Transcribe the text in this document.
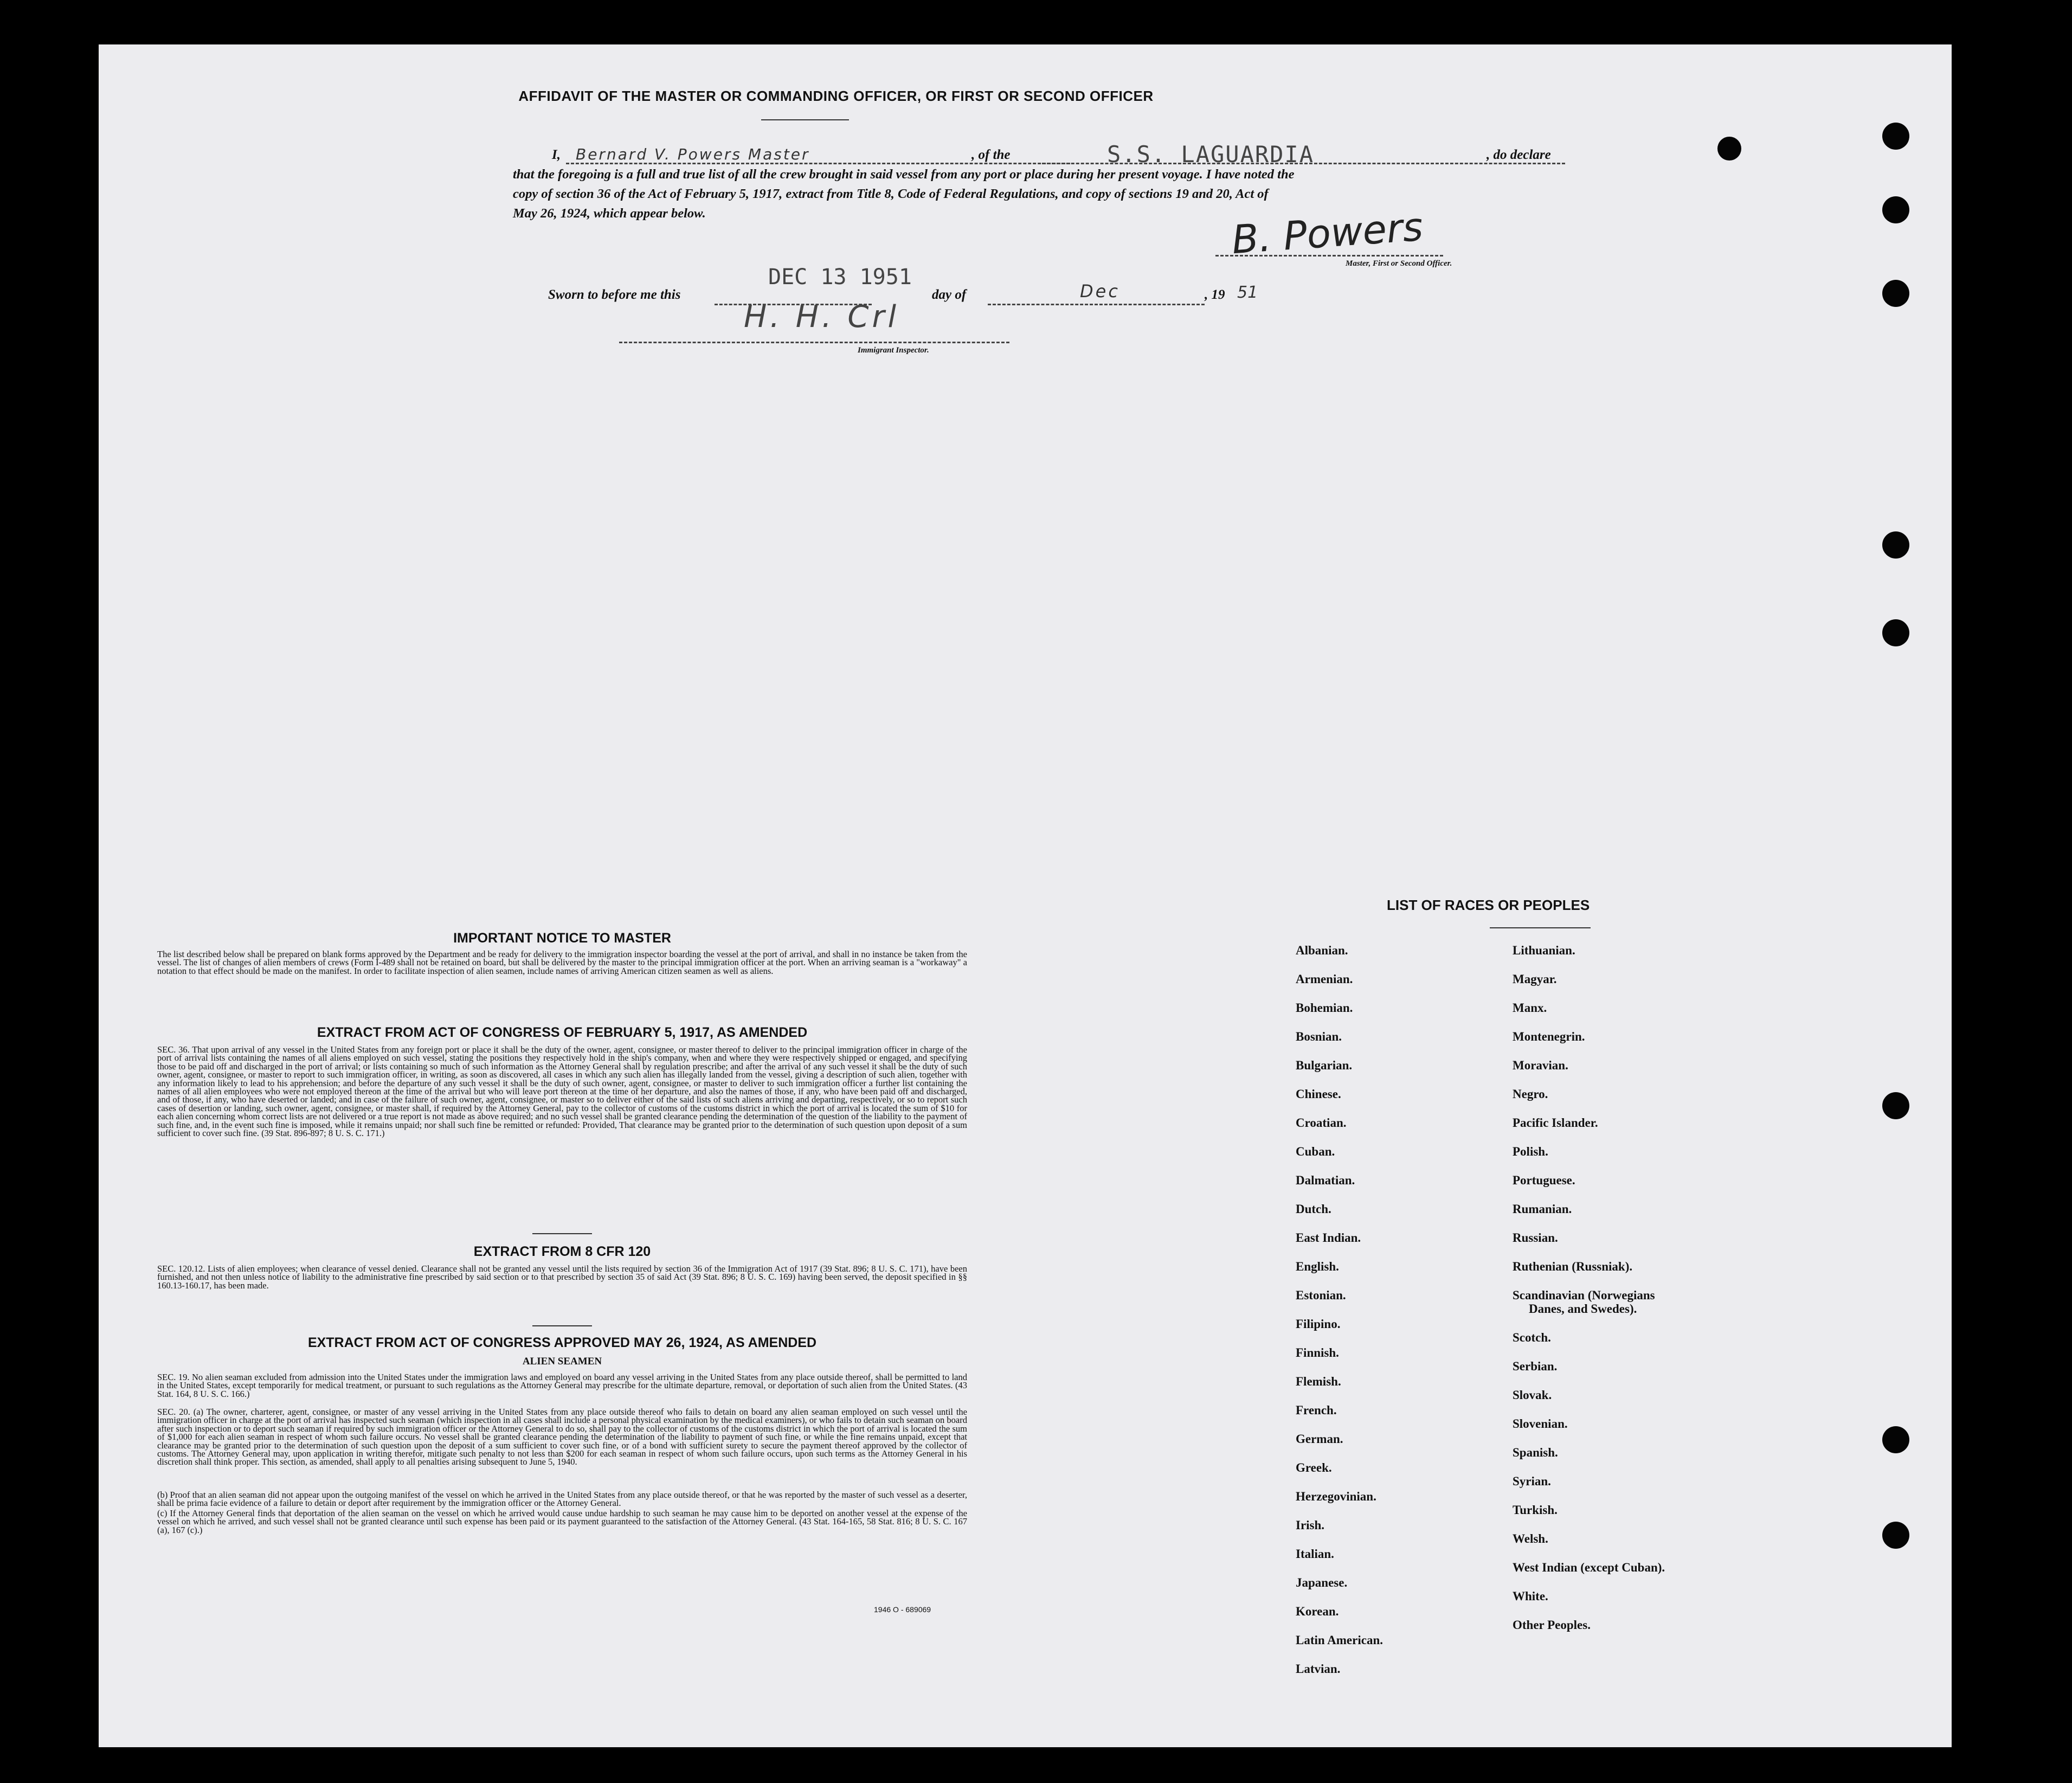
AFFIDAVIT OF THE MASTER OR COMMANDING OFFICER, OR FIRST OR SECOND OFFICER
I, Bernard V. Powers Master	, of the	S.S. LAGUARDIA	, do declare
that the foregoing is a full and true list of all the crew brought in said vessel from any port or place during her present voyage. I have noted the
copy of section 36 of the Act of February 5, 1917, extract from Title 8, Code of Federal Regulations, and copy of sections 19 and 20, Act of
May 26, 1924, which appear below.	B. Powers
Master, First or Second Officer.
Sworn to before me this
DEC 13 1951
day of	Dec	, 19 51
H. H. Crl
Immigrant Inspector.
IMPORTANT NOTICE TO MASTER
The list described below shall be prepared on blank forms approved by the Department and be ready for delivery to the immigration inspector boarding the vessel at the port of arrival, and shall in no instance be taken from the vessel. The list of changes of alien members of crews (Form I-489 shall not be retained on board, but shall be delivered by the master to the principal immigration officer at the port. When an arriving seaman is a "workaway" a notation to that effect should be made on the manifest. In order to facilitate inspection of alien seamen, include names of arriving American citizen seamen as well as aliens.
EXTRACT FROM ACT OF CONGRESS OF FEBRUARY 5, 1917, AS AMENDED
SEC. 36. That upon arrival of any vessel in the United States from any foreign port or place it shall be the duty of the owner, agent, consignee, or master thereof to deliver to the principal immigration officer in charge of the port of arrival lists containing the names of all aliens employed on such vessel, stating the positions they respectively hold in the ship's company, when and where they were respectively shipped or engaged, and specifying those to be paid off and discharged in the port of arrival; or lists containing so much of such information as the Attorney General shall by regulation prescribe; and after the arrival of any such vessel it shall be the duty of such owner, agent, consignee, or master to report to such immigration officer, in writing, as soon as discovered, all cases in which any such alien has illegally landed from the vessel, giving a description of such alien, together with any information likely to lead to his apprehension; and before the departure of any such vessel it shall be the duty of such owner, agent, consignee, or master to deliver to such immigration officer a further list containing the names of all alien employees who were not employed thereon at the time of the arrival but who will leave port thereon at the time of her departure, and also the names of those, if any, who have been paid off and discharged, and of those, if any, who have deserted or landed; and in case of the failure of such owner, agent, consignee, or master so to deliver either of the said lists of such aliens arriving and departing, respectively, or so to report such cases of desertion or landing, such owner, agent, consignee, or master shall, if required by the Attorney General, pay to the collector of customs of the customs district in which the port of arrival is located the sum of $10 for each alien concerning whom correct lists are not delivered or a true report is not made as above required; and no such vessel shall be granted clearance pending the determination of the question of the liability to the payment of such fine, and, in the event such fine is imposed, while it remains unpaid; nor shall such fine be remitted or refunded: Provided, That clearance may be granted prior to the determination of such question upon deposit of a sum sufficient to cover such fine. (39 Stat. 896-897; 8 U. S. C. 171.)
EXTRACT FROM 8 CFR 120
SEC. 120.12. Lists of alien employees; when clearance of vessel denied. Clearance shall not be granted any vessel until the lists required by section 36 of the Immigration Act of 1917 (39 Stat. 896; 8 U. S. C. 171), have been furnished, and not then unless notice of liability to the administrative fine prescribed by said section or to that prescribed by section 35 of said Act (39 Stat. 896; 8 U. S. C. 169) having been served, the deposit specified in §§ 160.13-160.17, has been made.
EXTRACT FROM ACT OF CONGRESS APPROVED MAY 26, 1924, AS AMENDED
ALIEN SEAMEN
SEC. 19. No alien seaman excluded from admission into the United States under the immigration laws and employed on board any vessel arriving in the United States from any place outside thereof, shall be permitted to land in the United States, except temporarily for medical treatment, or pursuant to such regulations as the Attorney General may prescribe for the ultimate departure, removal, or deportation of such alien from the United States. (43 Stat. 164, 8 U. S. C. 166.)
SEC. 20. (a) The owner, charterer, agent, consignee, or master of any vessel arriving in the United States from any place outside thereof who fails to detain on board any alien seaman employed on such vessel until the immigration officer in charge at the port of arrival has inspected such seaman (which inspection in all cases shall include a personal physical examination by the medical examiners), or who fails to detain such seaman on board after such inspection or to deport such seaman if required by such immigration officer or the Attorney General to do so, shall pay to the collector of customs of the customs district in which the port of arrival is located the sum of $1,000 for each alien seaman in respect of whom such failure occurs. No vessel shall be granted clearance pending the determination of the liability to payment of such fine, or while the fine remains unpaid, except that clearance may be granted prior to the determination of such question upon the deposit of a sum sufficient to cover such fine, or of a bond with sufficient surety to secure the payment thereof approved by the collector of customs. The Attorney General may, upon application in writing therefor, mitigate such penalty to not less than $200 for each seaman in respect of whom such failure occurs, upon such terms as the Attorney General in his discretion shall think proper. This section, as amended, shall apply to all penalties arising subsequent to June 5, 1940.
(b) Proof that an alien seaman did not appear upon the outgoing manifest of the vessel on which he arrived in the United States from any place outside thereof, or that he was reported by the master of such vessel as a deserter, shall be prima facie evidence of a failure to detain or deport after requirement by the immigration officer or the Attorney General.
(c) If the Attorney General finds that deportation of the alien seaman on the vessel on which he arrived would cause undue hardship to such seaman he may cause him to be deported on another vessel at the expense of the vessel on which he arrived, and such vessel shall not be granted clearance until such expense has been paid or its payment guaranteed to the satisfaction of the Attorney General. (43 Stat. 164-165, 58 Stat. 816; 8 U. S. C. 167 (a), 167 (c).)
1946 O - 689069
LIST OF RACES OR PEOPLES
Albanian.
Armenian.
Bohemian.
Bosnian.
Bulgarian.
Chinese.
Croatian.
Cuban.
Dalmatian.
Dutch.
East Indian.
English.
Estonian.
Filipino.
Finnish.
Flemish.
French.
German.
Greek.
Herzegovinian.
Irish.
Italian.
Japanese.
Korean.
Latin American.
Latvian.
Lithuanian.
Magyar.
Manx.
Montenegrin.
Moravian.
Negro.
Pacific Islander.
Polish.
Portuguese.
Rumanian.
Russian.
Ruthenian (Russniak).
Scandinavian (Norwegians
Danes, and Swedes).
Scotch.
Serbian.
Slovak.
Slovenian.
Spanish.
Syrian.
Turkish.
Welsh.
West Indian (except Cuban).
White.
Other Peoples.
